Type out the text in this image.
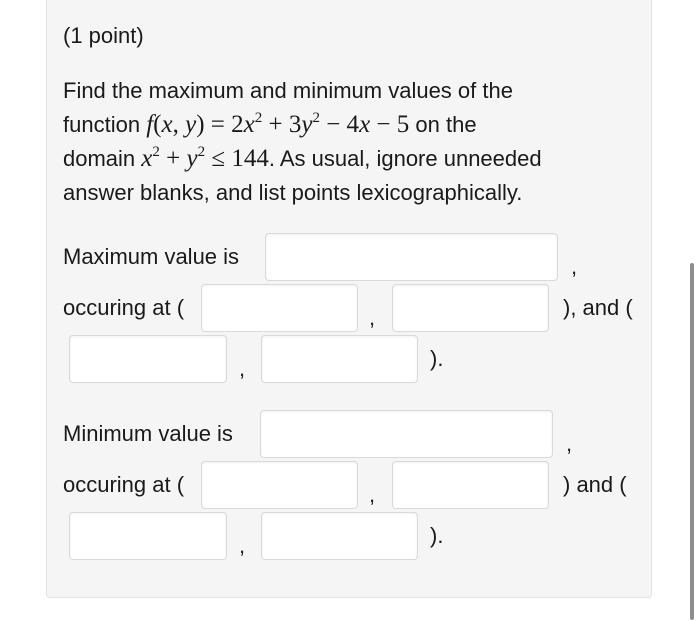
(1 point)
Find the maximum and minimum values of the
function f(x, $y) = 2x^2 + 3y^2 - 4x - 5$ on the
domain $x^2 + y^2 \le 144$. As usual, ignore unneeded
answer blanks, and list points lexicographically.
Maximum value is	,
occuring at (	,	), and (
,	).
Minimum value is	,
occuring at (	,	) and (
,	).
